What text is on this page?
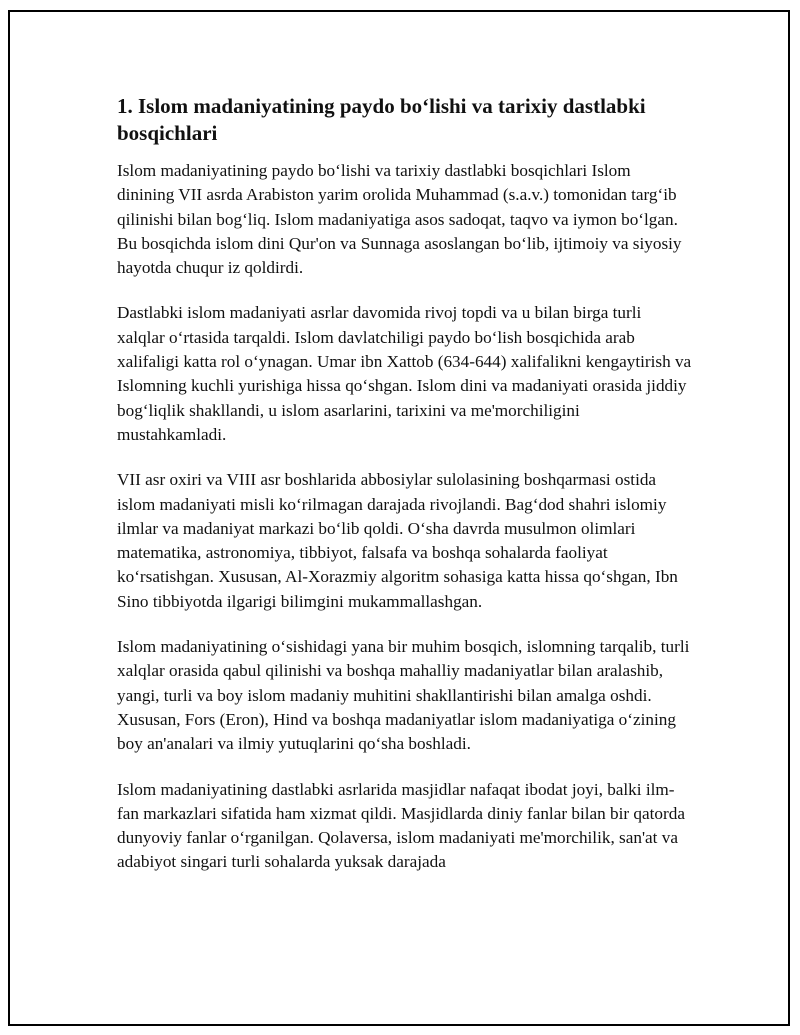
1. Islom madaniyatining paydo bo‘lishi va tarixiy dastlabki bosqichlari

Islom madaniyatining paydo bo‘lishi va tarixiy dastlabki bosqichlari Islom dinining VII asrda Arabiston yarim orolida Muhammad (s.a.v.) tomonidan targ‘ib qilinishi bilan bog‘liq. Islom madaniyatiga asos sadoqat, taqvo va iymon bo‘lgan. Bu bosqichda islom dini Qur'on va Sunnaga asoslangan bo‘lib, ijtimoiy va siyosiy hayotda chuqur iz qoldirdi.

Dastlabki islom madaniyati asrlar davomida rivoj topdi va u bilan birga turli xalqlar o‘rtasida tarqaldi. Islom davlatchiligi paydo bo‘lish bosqichida arab xalifaligi katta rol o‘ynagan. Umar ibn Xattob (634-644) xalifalikni kengaytirish va Islomning kuchli yurishiga hissa qo‘shgan. Islom dini va madaniyati orasida jiddiy bog‘liqlik shakllandi, u islom asarlarini, tarixini va me'morchiligini mustahkamladi.

VII asr oxiri va VIII asr boshlarida abbosiylar sulolasining boshqarmasi ostida islom madaniyati misli ko‘rilmagan darajada rivojlandi. Bag‘dod shahri islomiy ilmlar va madaniyat markazi bo‘lib qoldi. O‘sha davrda musulmon olimlari matematika, astronomiya, tibbiyot, falsafa va boshqa sohalarda faoliyat ko‘rsatishgan. Xususan, Al-Xorazmiy algoritm sohasiga katta hissa qo‘shgan, Ibn Sino tibbiyotda ilgarigi bilimgini mukammallashgan.

Islom madaniyatining o‘sishidagi yana bir muhim bosqich, islomning tarqalib, turli xalqlar orasida qabul qilinishi va boshqa mahalliy madaniyatlar bilan aralashib, yangi, turli va boy islom madaniy muhitini shakllantirishi bilan amalga oshdi. Xususan, Fors (Eron), Hind va boshqa madaniyatlar islom madaniyatiga o‘zining boy an'analari va ilmiy yutuqlarini qo‘sha boshladi.

Islom madaniyatining dastlabki asrlarida masjidlar nafaqat ibodat joyi, balki ilm-fan markazlari sifatida ham xizmat qildi. Masjidlarda diniy fanlar bilan bir qatorda dunyoviy fanlar o‘rganilgan. Qolaversa, islom madaniyati me'morchilik, san'at va adabiyot singari turli sohalarda yuksak darajada
